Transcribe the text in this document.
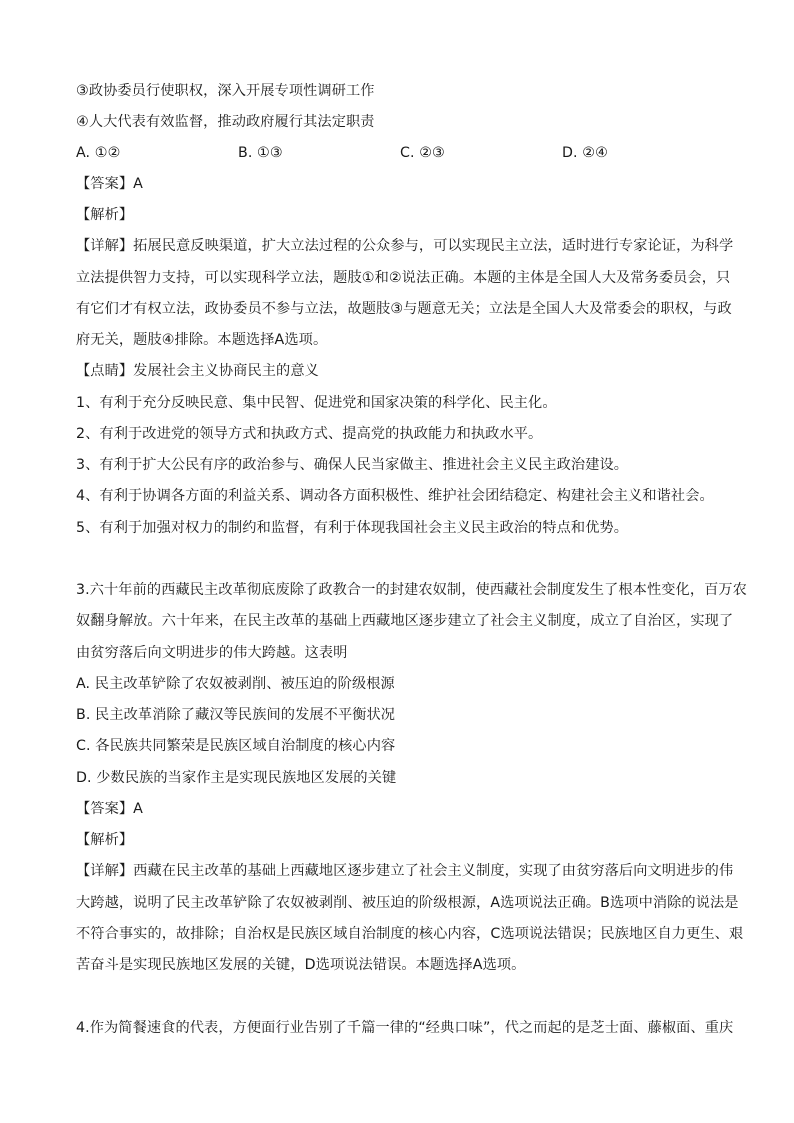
③政协委员行使职权，深入开展专项性调研工作
④人大代表有效监督，推动政府履行其法定职责
A. ①②	B. ①③	C. ②③	D. ②④
【答案】A
【解析】
【详解】拓展民意反映渠道，扩大立法过程的公众参与，可以实现民主立法，适时进行专家论证，为科学
立法提供智力支持，可以实现科学立法，题肢①和②说法正确。本题的主体是全国人大及常务委员会，只
有它们才有权立法，政协委员不参与立法，故题肢③与题意无关；立法是全国人大及常委会的职权，与政
府无关，题肢④排除。本题选择A选项。
【点睛】发展社会主义协商民主的意义
1、有利于充分反映民意、集中民智、促进党和国家决策的科学化、民主化。
2、有利于改进党的领导方式和执政方式、提高党的执政能力和执政水平。
3、有利于扩大公民有序的政治参与、确保人民当家做主、推进社会主义民主政治建设。
4、有利于协调各方面的利益关系、调动各方面积极性、维护社会团结稳定、构建社会主义和谐社会。
5、有利于加强对权力的制约和监督，有利于体现我国社会主义民主政治的特点和优势。
3.六十年前的西藏民主改革彻底废除了政教合一的封建农奴制，使西藏社会制度发生了根本性变化，百万农
奴翻身解放。六十年来，在民主改革的基础上西藏地区逐步建立了社会主义制度，成立了自治区，实现了
由贫穷落后向文明进步的伟大跨越。这表明
A. 民主改革铲除了农奴被剥削、被压迫的阶级根源
B. 民主改革消除了藏汉等民族间的发展不平衡状况
C. 各民族共同繁荣是民族区域自治制度的核心内容
D. 少数民族的当家作主是实现民族地区发展的关键
【答案】A
【解析】
【详解】西藏在民主改革的基础上西藏地区逐步建立了社会主义制度，实现了由贫穷落后向文明进步的伟
大跨越，说明了民主改革铲除了农奴被剥削、被压迫的阶级根源，A选项说法正确。B选项中消除的说法是
不符合事实的，故排除；自治权是民族区域自治制度的核心内容，C选项说法错误；民族地区自力更生、艰
苦奋斗是实现民族地区发展的关键，D选项说法错误。本题选择A选项。
4.作为简餐速食的代表，方便面行业告别了千篇一律的“经典口味”，代之而起的是芝士面、藤椒面、重庆
